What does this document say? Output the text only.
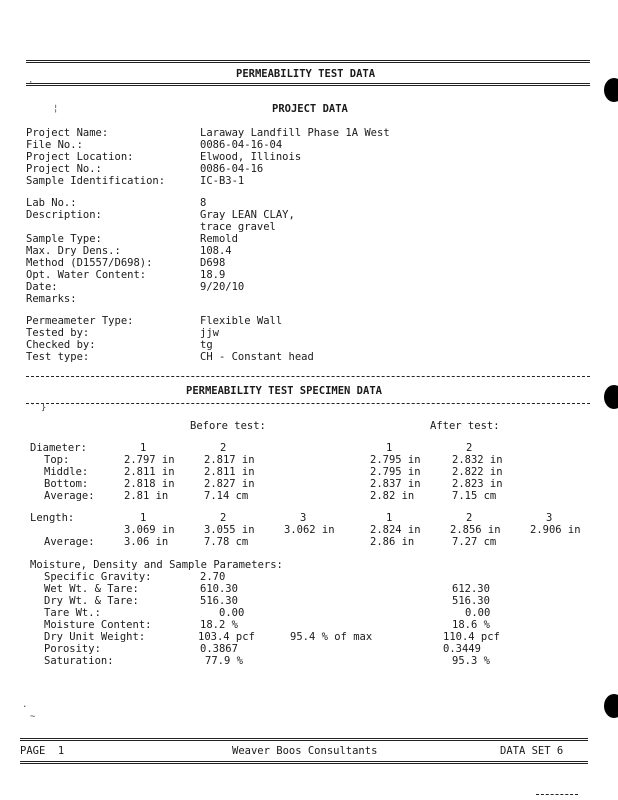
·
¦
` }
.
~
PERMEABILITY TEST DATA
PROJECT DATA
Project Name:	Laraway Landfill Phase 1A West
File No.:	0086-04-16-04
Project Location:	Elwood, Illinois
Project No.:	0086-04-16
Sample Identification:	IC-B3-1
Lab No.:	8
Description:	Gray LEAN CLAY,
trace gravel
Sample Type:	Remold
Max. Dry Dens.:	108.4
Method (D1557/D698):	D698
Opt. Water Content:	18.9
Date:	9/20/10
Remarks:
Permeameter Type:	Flexible Wall
Tested by:	jjw
Checked by:	tg
Test type:	CH - Constant head
PERMEABILITY TEST SPECIMEN DATA
Before test:	After test:
Diameter:	1	2	1	2
Top:	2.797 in	2.817 in	2.795 in	2.832 in
Middle:	2.811 in	2.811 in	2.795 in	2.822 in
Bottom:	2.818 in	2.827 in	2.837 in	2.823 in
Average:	2.81 in	7.14 cm	2.82 in	7.15 cm
Length:	1	2	3	1	2	3
3.069 in	3.055 in	3.062 in	2.824 in	2.856 in	2.906 in
Average:	3.06 in	7.78 cm	2.86 in	7.27 cm
Moisture, Density and Sample Parameters:
Specific Gravity:	2.70
Wet Wt. & Tare:	610.30	612.30
Dry Wt. & Tare:	516.30	516.30
Tare Wt.:	0.00	0.00
Moisture Content:	18.2 %	18.6 %
Dry Unit Weight:	103.4 pcf	95.4 % of max	110.4 pcf
Porosity:	0.3867	0.3449
Saturation:	77.9 %	95.3 %
PAGE  1	Weaver Boos Consultants	DATA SET 6
